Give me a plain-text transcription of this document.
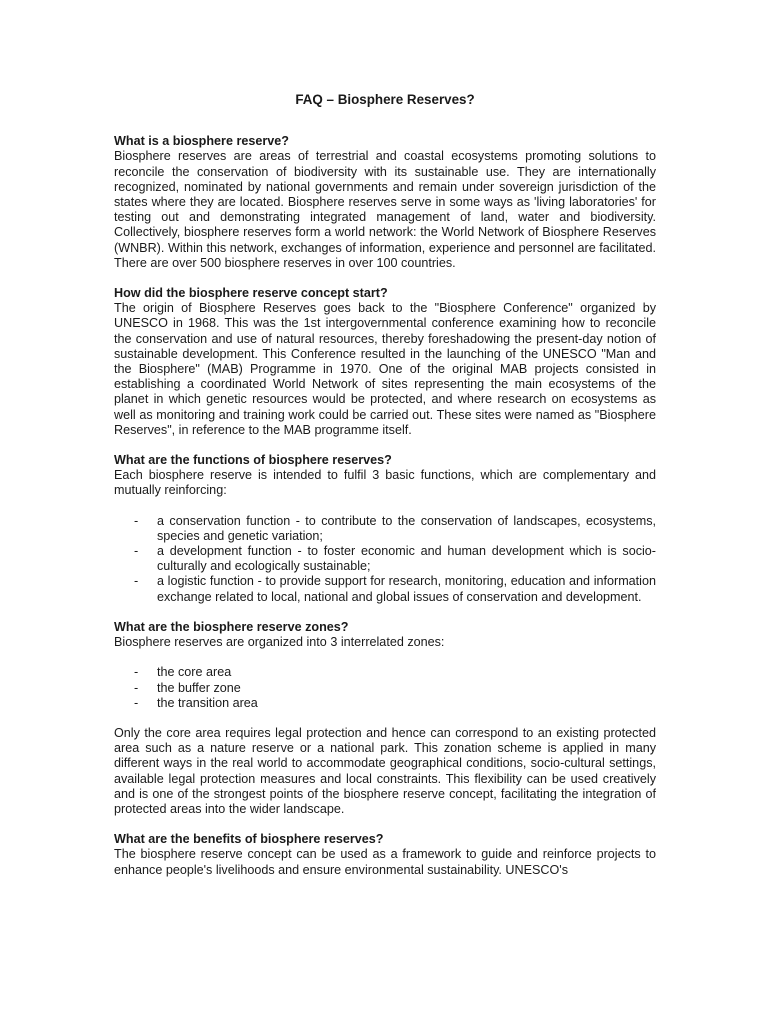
FAQ – Biosphere Reserves?

What is a biosphere reserve?

Biosphere reserves are areas of terrestrial and coastal ecosystems promoting solutions to reconcile the conservation of biodiversity with its sustainable use. They are internationally recognized, nominated by national governments and remain under sovereign jurisdiction of the states where they are located. Biosphere reserves serve in some ways as 'living laboratories' for testing out and demonstrating integrated management of land, water and biodiversity. Collectively, biosphere reserves form a world network: the World Network of Biosphere Reserves (WNBR). Within this network, exchanges of information, experience and personnel are facilitated. There are over 500 biosphere reserves in over 100 countries.

How did the biosphere reserve concept start?

The origin of Biosphere Reserves goes back to the "Biosphere Conference" organized by UNESCO in 1968. This was the 1st intergovernmental conference examining how to reconcile the conservation and use of natural resources, thereby foreshadowing the present-day notion of sustainable development. This Conference resulted in the launching of the UNESCO "Man and the Biosphere" (MAB) Programme in 1970. One of the original MAB projects consisted in establishing a coordinated World Network of sites representing the main ecosystems of the planet in which genetic resources would be protected, and where research on ecosystems as well as monitoring and training work could be carried out. These sites were named as "Biosphere Reserves", in reference to the MAB programme itself.

What are the functions of biosphere reserves?

Each biosphere reserve is intended to fulfil 3 basic functions, which are complementary and mutually reinforcing:

- a conservation function - to contribute to the conservation of landscapes, ecosystems, species and genetic variation;
- a development function - to foster economic and human development which is socio-culturally and ecologically sustainable;
- a logistic function - to provide support for research, monitoring, education and information exchange related to local, national and global issues of conservation and development.

What are the biosphere reserve zones?

Biosphere reserves are organized into 3 interrelated zones:

- the core area
- the buffer zone
- the transition area

Only the core area requires legal protection and hence can correspond to an existing protected area such as a nature reserve or a national park. This zonation scheme is applied in many different ways in the real world to accommodate geographical conditions, socio-cultural settings, available legal protection measures and local constraints. This flexibility can be used creatively and is one of the strongest points of the biosphere reserve concept, facilitating the integration of protected areas into the wider landscape.

What are the benefits of biosphere reserves?

The biosphere reserve concept can be used as a framework to guide and reinforce projects to enhance people's livelihoods and ensure environmental sustainability. UNESCO's
